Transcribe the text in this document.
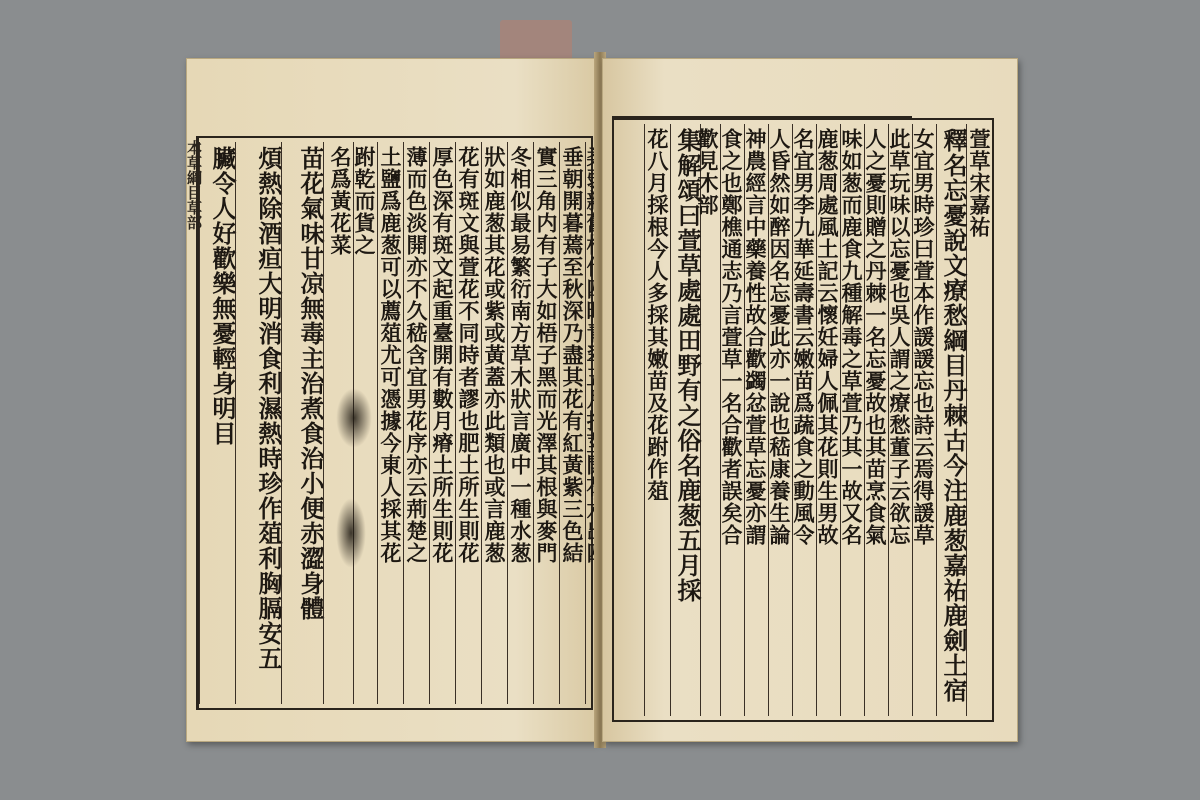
臟令人好歡樂無憂輕身明目 煩熱除酒疸大明消食利濕熱時珍作葅利胸膈安五 苗花氣味甘凉無毒主治煮食治小便赤澀身體 名爲黃花菜 跗乾而貨之 土鹽爲鹿葱可以薦葅尤可憑據今東人採其花 薄而色淡開亦不久嵇含宜男花序亦云荊楚之 厚色深有斑文起重臺開有數月瘠土所生則花 花有斑文與萱花不同時者謬也肥土所生則花 狀如鹿葱其花或紫或黃蓋亦此類也或言鹿葱 冬相似最易繁衍南方草木狀言廣中一種水葱 實三角内有子大如梧子黑而光澤其根與麥門 垂朝開暮蔫至秋深乃盡其花有紅黃紫三色結
本草綱目草部	萱草宋嘉祐
釋名忘憂說文療愁綱目丹棘古今注鹿葱嘉祐鹿劍土宿
女宜男時珍曰萱本作諼諼忘也詩云焉得諼草
此草玩味以忘憂也吳人謂之療愁董子云欲忘
人之憂則贈之丹棘一名忘憂故也其苗烹食氣
味如葱而鹿食九種解毒之草萱乃其一故又名
鹿葱周處風土記云懷妊婦人佩其花則生男故
名宜男李九華延壽書云嫩苗爲蔬食之動風令
人昏然如醉因名忘憂此亦一說也嵇康養生論
神農經言中藥養性故合歡蠲忿萱草忘憂亦謂
食之也鄭樵通志乃言萱草一名合歡者誤矣合
歡見木部
集解頌曰萱草處處田野有之俗名鹿葱五月採
花八月採根今人多採其嫩苗及花跗作葅
